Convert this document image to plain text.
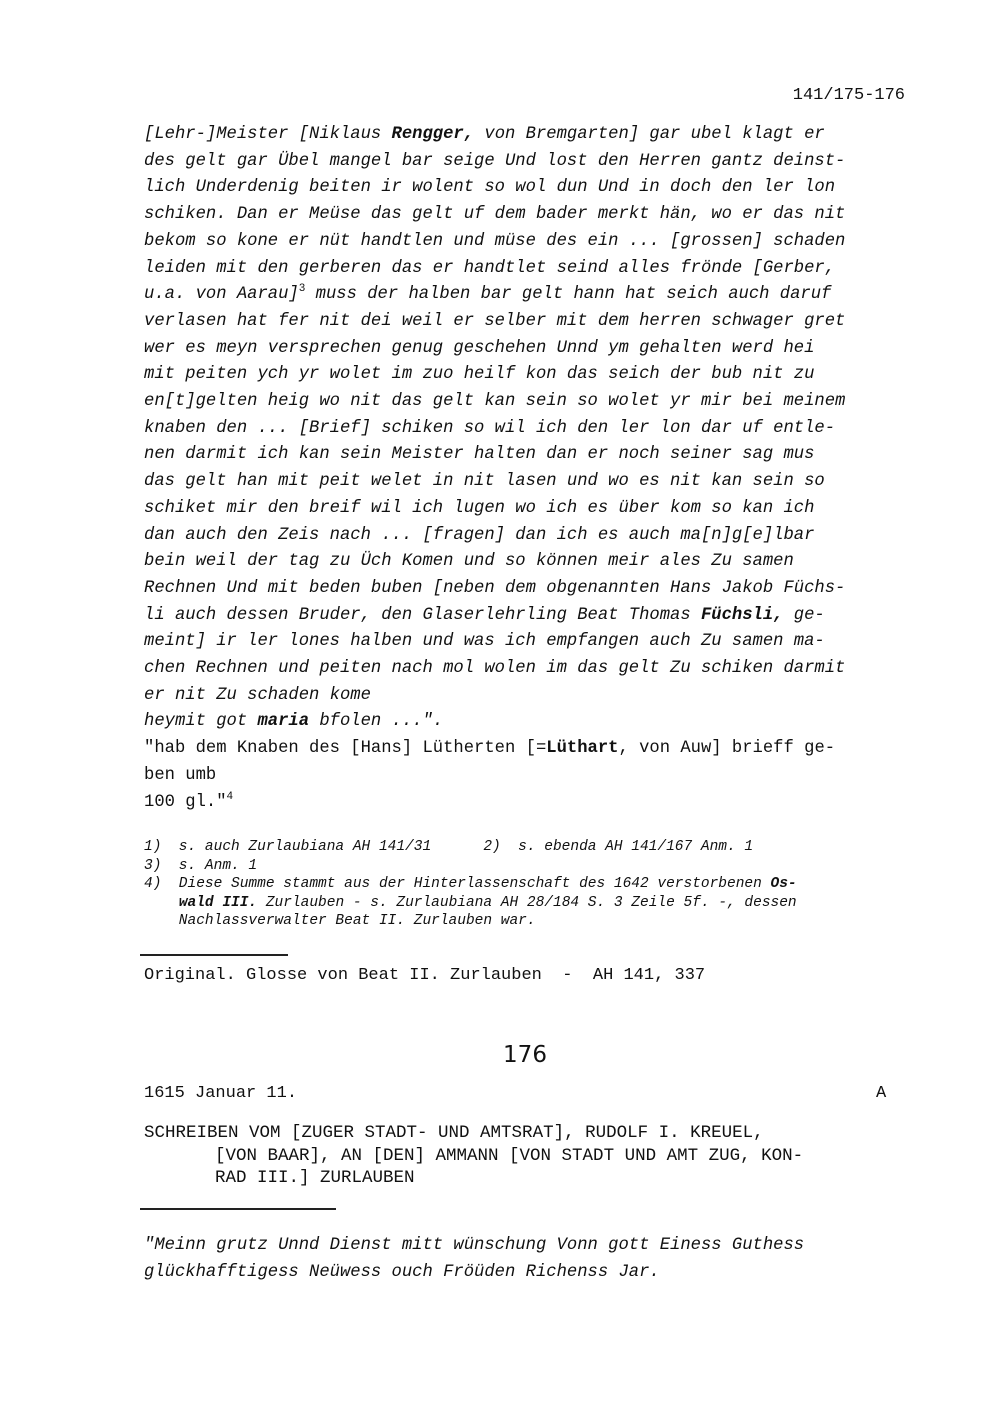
141/175-176
[Lehr-]Meister [Niklaus Rengger, von Bremgarten] gar ubel klagt er
des gelt gar Übel mangel bar seige Und lost den Herren gantz deinst-
lich Underdenig beiten ir wolent so wol dun Und in doch den ler lon
schiken. Dan er Meüse das gelt uf dem bader merkt hän, wo er das nit
bekom so kone er nüt handtlen und müse des ein ... [grossen] schaden
leiden mit den gerberen das er handtlet seind alles frönde [Gerber,
u.a. von Aarau]$^3$ muss der halben bar gelt hann hat seich auch daruf
verlasen hat fer nit dei weil er selber mit dem herren schwager gret
wer es meyn versprechen genug geschehen Unnd ym gehalten werd hei
mit peiten ych yr wolet im zuo heilf kon das seich der bub nit zu
en[t]gelten heig wo nit das gelt kan sein so wolet yr mir bei meinem
knaben den ... [Brief] schiken so wil ich den ler lon dar uf entle-
nen darmit ich kan sein Meister halten dan er noch seiner sag mus
das gelt han mit peit welet in nit lasen und wo es nit kan sein so
schiket mir den breif wil ich lugen wo ich es über kom so kan ich
dan auch den Zeis nach ... [fragen] dan ich es auch ma[n]g[e]lbar
bein weil der tag zu Üch Komen und so können meir ales Zu samen
Rechnen Und mit beden buben [neben dem obgenannten Hans Jakob Füchs-
li auch dessen Bruder, den Glaserlehrling Beat Thomas Füchsli, ge-
meint] ir ler lones halben und was ich empfangen auch Zu samen ma-
chen Rechnen und peiten nach mol wolen im das gelt Zu schiken darmit
er nit Zu schaden kome
heymit got maria bfolen ...".
"hab dem Knaben des [Hans] Lütherten [=Lüthart, von Auw] brieff ge-
ben umb
100 gl."$^4$
1)  s. auch Zurlaubiana AH 141/31      2)  s. ebenda AH 141/167 Anm. 1
3)  s. Anm. 1
4)  Diese Summe stammt aus der Hinterlassenschaft des 1642 verstorbenen Os-
wald III. Zurlauben - s. Zurlaubiana AH 28/184 S. 3 Zeile 5f. -, dessen
Nachlassverwalter Beat II. Zurlauben war.
Original. Glosse von Beat II. Zurlauben  -  AH 141, 337
176
1615 Januar 11.	A
SCHREIBEN VOM [ZUGER STADT- UND AMTSRAT], RUDOLF I. KREUEL,
[VON BAAR], AN [DEN] AMMANN [VON STADT UND AMT ZUG, KON-
RAD III.] ZURLAUBEN
"Meinn grutz Unnd Dienst mitt wünschung Vonn gott Einess Guthess
glückhafftigess Neüwess ouch Fröüden Richenss Jar.
